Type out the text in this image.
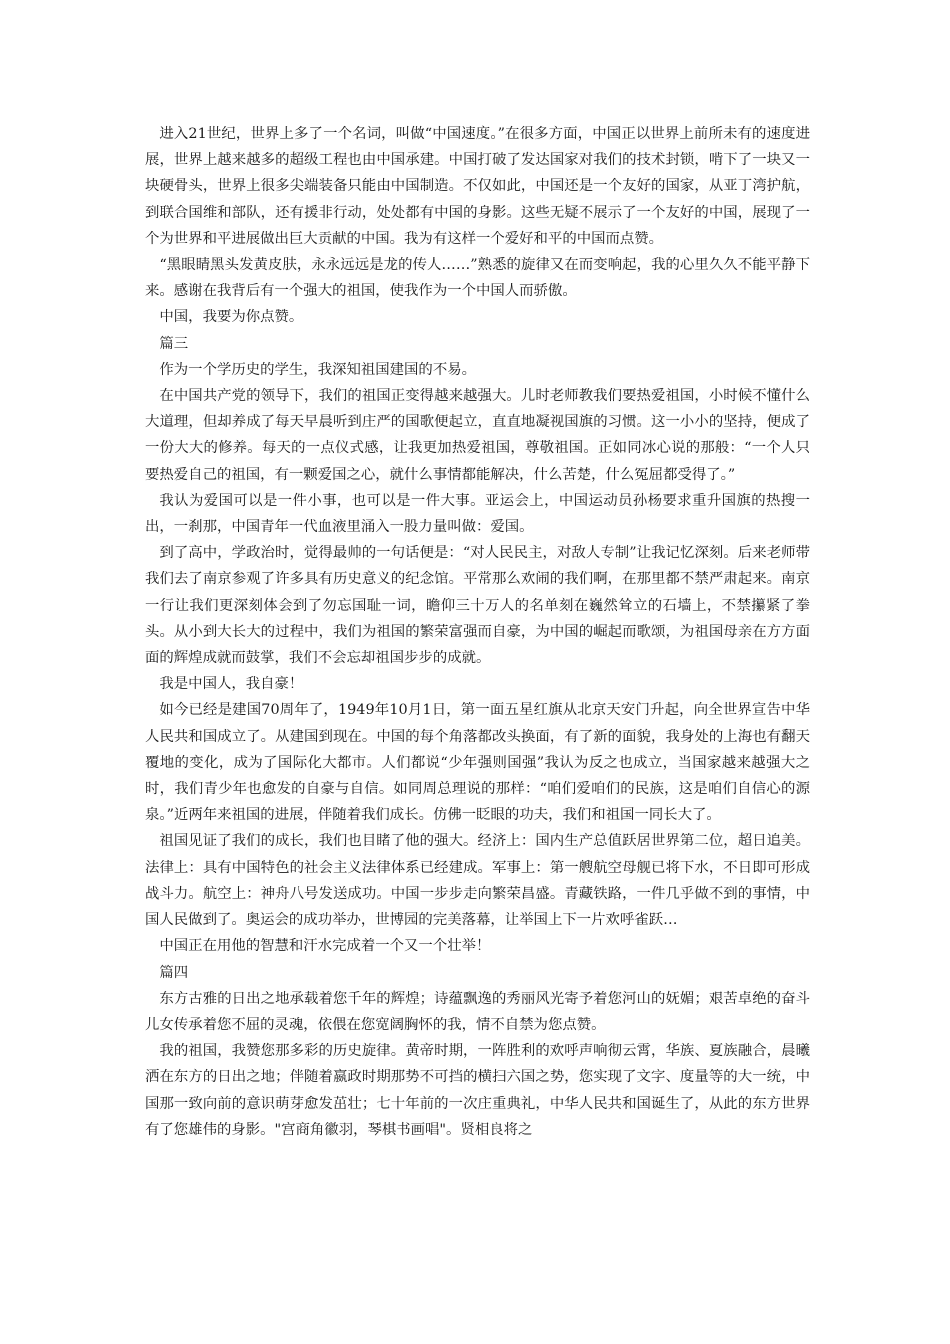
进入21世纪，世界上多了一个名词，叫做“中国速度。”在很多方面，中国正以世界上前所未有的速度进展，世界上越来越多的超级工程也由中国承建。中国打破了发达国家对我们的技术封锁，啃下了一块又一块硬骨头，世界上很多尖端装备只能由中国制造。不仅如此，中国还是一个友好的国家，从亚丁湾护航，到联合国维和部队，还有援非行动，处处都有中国的身影。这些无疑不展示了一个友好的中国，展现了一个为世界和平进展做出巨大贡献的中国。我为有这样一个爱好和平的中国而点赞。

“黑眼睛黑头发黄皮肤，永永远远是龙的传人……”熟悉的旋律又在而变响起，我的心里久久不能平静下来。感谢在我背后有一个强大的祖国，使我作为一个中国人而骄傲。

中国，我要为你点赞。

篇三

作为一个学历史的学生，我深知祖国建国的不易。

在中国共产党的领导下，我们的祖国正变得越来越强大。儿时老师教我们要热爱祖国，小时候不懂什么大道理，但却养成了每天早晨听到庄严的国歌便起立，直直地凝视国旗的习惯。这一小小的坚持，便成了一份大大的修养。每天的一点仪式感，让我更加热爱祖国，尊敬祖国。正如同冰心说的那般：“一个人只要热爱自己的祖国，有一颗爱国之心，就什么事情都能解决，什么苦楚，什么冤屈都受得了。”

我认为爱国可以是一件小事，也可以是一件大事。亚运会上，中国运动员孙杨要求重升国旗的热搜一出，一刹那，中国青年一代血液里涌入一股力量叫做：爱国。

到了高中，学政治时，觉得最帅的一句话便是：“对人民民主，对敌人专制”让我记忆深刻。后来老师带我们去了南京参观了许多具有历史意义的纪念馆。平常那么欢闹的我们啊，在那里都不禁严肃起来。南京一行让我们更深刻体会到了勿忘国耻一词，瞻仰三十万人的名单刻在巍然耸立的石墙上，不禁攥紧了拳头。从小到大长大的过程中，我们为祖国的繁荣富强而自豪，为中国的崛起而歌颂，为祖国母亲在方方面面的辉煌成就而鼓掌，我们不会忘却祖国步步的成就。

我是中国人，我自豪！

如今已经是建国70周年了，1949年10月1日，第一面五星红旗从北京天安门升起，向全世界宣告中华人民共和国成立了。从建国到现在。中国的每个角落都改头换面，有了新的面貌，我身处的上海也有翻天覆地的变化，成为了国际化大都市。人们都说“少年强则国强”我认为反之也成立，当国家越来越强大之时，我们青少年也愈发的自豪与自信。如同周总理说的那样：“咱们爱咱们的民族，这是咱们自信心的源泉。”近两年来祖国的进展，伴随着我们成长。仿佛一眨眼的功夫，我们和祖国一同长大了。

祖国见证了我们的成长，我们也目睹了他的强大。经济上：国内生产总值跃居世界第二位，超日追美。法律上：具有中国特色的社会主义法律体系已经建成。军事上：第一艘航空母舰已将下水，不日即可形成战斗力。航空上：神舟八号发送成功。中国一步步走向繁荣昌盛。青藏铁路，一件几乎做不到的事情，中国人民做到了。奥运会的成功举办，世博园的完美落幕，让举国上下一片欢呼雀跃…

中国正在用他的智慧和汗水完成着一个又一个壮举！

篇四

东方古雅的日出之地承载着您千年的辉煌；诗蕴飘逸的秀丽风光寄予着您河山的妩媚；艰苦卓绝的奋斗儿女传承着您不屈的灵魂，依偎在您宽阔胸怀的我，情不自禁为您点赞。

我的祖国，我赞您那多彩的历史旋律。黄帝时期，一阵胜利的欢呼声响彻云霄，华族、夏族融合，晨曦洒在东方的日出之地；伴随着嬴政时期那势不可挡的横扫六国之势，您实现了文字、度量等的大一统，中国那一致向前的意识萌芽愈发茁壮；七十年前的一次庄重典礼，中华人民共和国诞生了，从此的东方世界有了您雄伟的身影。"宫商角徽羽，琴棋书画唱"。贤相良将之
